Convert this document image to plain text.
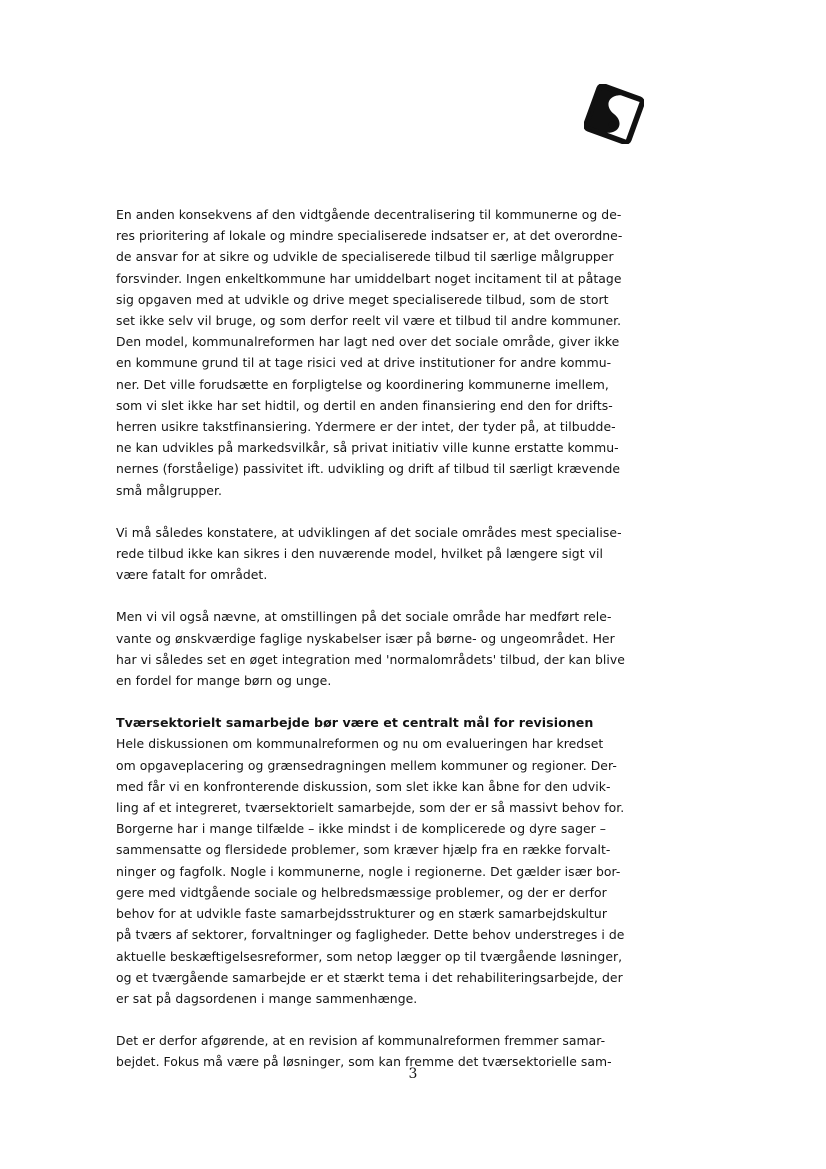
En anden konsekvens af den vidtgående decentralisering til kommunerne og de-
res prioritering af lokale og mindre specialiserede indsatser er, at det overordne-
de ansvar for at sikre og udvikle de specialiserede tilbud til særlige målgrupper
forsvinder. Ingen enkeltkommune har umiddelbart noget incitament til at påtage
sig opgaven med at udvikle og drive meget specialiserede tilbud, som de stort
set ikke selv vil bruge, og som derfor reelt vil være et tilbud til andre kommuner.
Den model, kommunalreformen har lagt ned over det sociale område, giver ikke
en kommune grund til at tage risici ved at drive institutioner for andre kommu-
ner. Det ville forudsætte en forpligtelse og koordinering kommunerne imellem,
som vi slet ikke har set hidtil, og dertil en anden finansiering end den for drifts-
herren usikre takstfinansiering. Ydermere er der intet, der tyder på, at tilbudde-
ne kan udvikles på markedsvilkår, så privat initiativ ville kunne erstatte kommu-
nernes (forståelige) passivitet ift. udvikling og drift af tilbud til særligt krævende
små målgrupper.

Vi må således konstatere, at udviklingen af det sociale områdes mest specialise-
rede tilbud ikke kan sikres i den nuværende model, hvilket på længere sigt vil
være fatalt for området.

Men vi vil også nævne, at omstillingen på det sociale område har medført rele-
vante og ønskværdige faglige nyskabelser især på børne- og ungeområdet. Her
har vi således set en øget integration med 'normalområdets' tilbud, der kan blive
en fordel for mange børn og unge.

Tværsektorielt samarbejde bør være et centralt mål for revisionen
Hele diskussionen om kommunalreformen og nu om evalueringen har kredset
om opgaveplacering og grænsedragningen mellem kommuner og regioner. Der-
med får vi en konfronterende diskussion, som slet ikke kan åbne for den udvik-
ling af et integreret, tværsektorielt samarbejde, som der er så massivt behov for.
Borgerne har i mange tilfælde – ikke mindst i de komplicerede og dyre sager –
sammensatte og flersidede problemer, som kræver hjælp fra en række forvalt-
ninger og fagfolk. Nogle i kommunerne, nogle i regionerne. Det gælder især bor-
gere med vidtgående sociale og helbredsmæssige problemer, og der er derfor
behov for at udvikle faste samarbejdsstrukturer og en stærk samarbejdskultur
på tværs af sektorer, forvaltninger og fagligheder. Dette behov understreges i de
aktuelle beskæftigelsesreformer, som netop lægger op til tværgående løsninger,
og et tværgående samarbejde er et stærkt tema i det rehabiliteringsarbejde, der
er sat på dagsordenen i mange sammenhænge.

Det er derfor afgørende, at en revision af kommunalreformen fremmer samar-
bejdet. Fokus må være på løsninger, som kan fremme det tværsektorielle sam-

3
